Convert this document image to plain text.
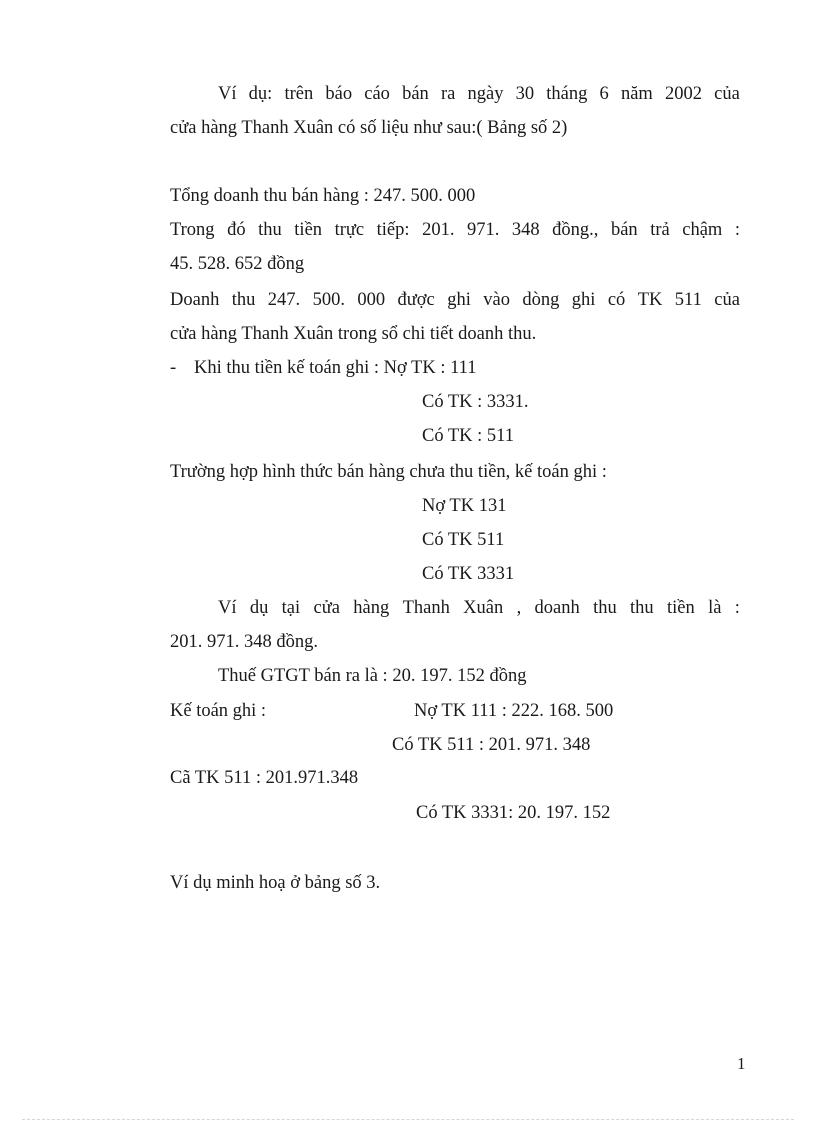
Ví dụ: trên báo cáo bán ra ngày 30 tháng 6 năm 2002 của
cửa hàng Thanh Xuân có số liệu như sau:( Bảng số 2)
Tổng doanh thu bán hàng : 247. 500. 000
Trong đó thu tiền trực tiếp: 201. 971. 348 đồng., bán trả chậm :
45. 528. 652 đồng
Doanh thu 247. 500. 000 được ghi vào dòng ghi có TK 511 của
cửa hàng Thanh Xuân trong sổ chi tiết doanh thu.
- Khi thu tiền kế toán ghi : Nợ TK : 111
Có TK : 3331.
Có TK : 511
Trường hợp hình thức bán hàng chưa thu tiền, kế toán ghi :
Nợ TK 131
Có TK 511
Có TK 3331
Ví dụ tại cửa hàng Thanh Xuân , doanh thu thu tiền là :
201. 971. 348 đồng.
Thuế GTGT bán ra là : 20. 197. 152 đồng
Kế toán ghi :	Nợ TK 111 : 222. 168. 500
Có TK 511 : 201. 971. 348
Cã TK 511 : 201.971.348
Có TK 3331: 20. 197. 152
Ví dụ minh hoạ ở bảng số 3.
1
